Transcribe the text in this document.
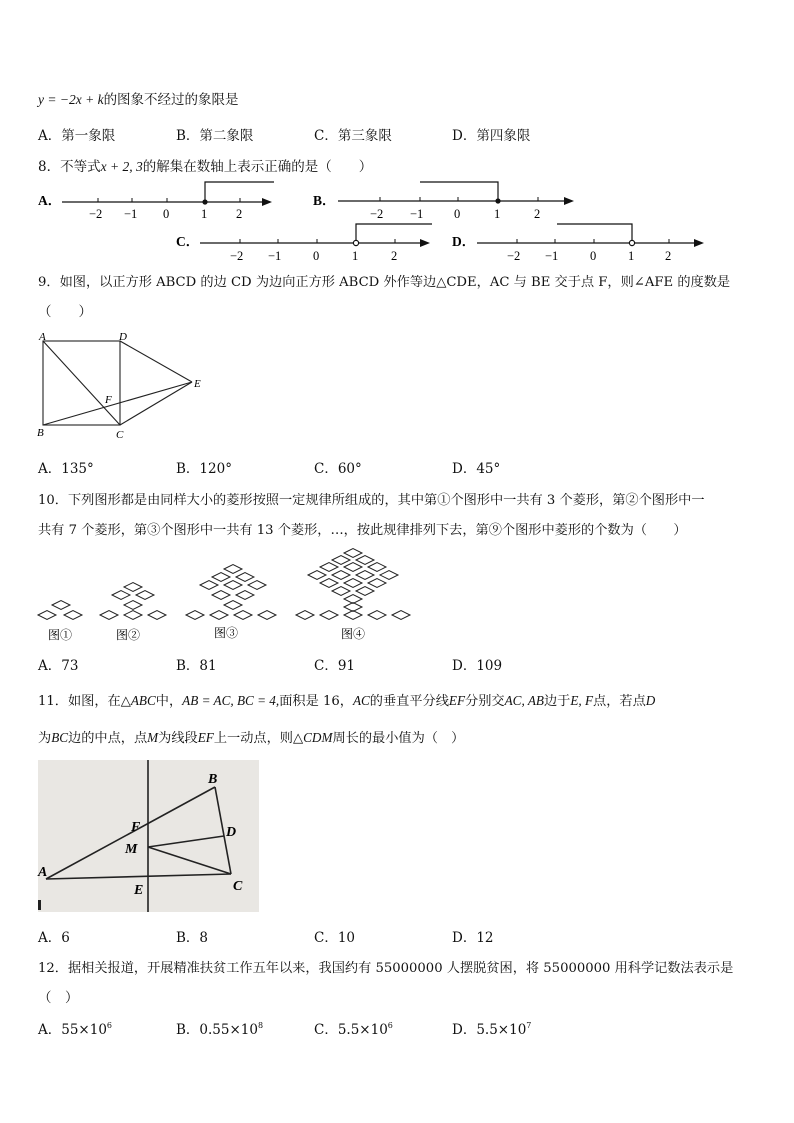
y = −2x + k的图象不经过的象限是
A．第一象限	B．第二象限	C．第三象限	D．第四象限
8．不等式x + 2, 3的解集在数轴上表示正确的是（　　）
A．
−2 −1 0	1 2
B．
−2 −1 0	1	2
C．
−2 −1	0	1	2
D．
−2 −1	0	1 2
9．如图，以正方形 ABCD 的边 CD 为边向正方形 ABCD 外作等边△CDE，AC 与 BE 交于点 F，则∠AFE 的度数是
（　　）
A	D
E
F
B	C
A．135°	B．120°	C．60°	D．45°
10．下列图形都是由同样大小的菱形按照一定规律所组成的，其中第①个图形中一共有 3 个菱形，第②个图形中一
共有 7 个菱形，第③个图形中一共有 13 个菱形，…，按此规律排列下去，第⑨个图形中菱形的个数为（　　）
图①	图②	图③	图④
A．73	B．81	C．91	D．109
11．如图，在△ABC中，AB = AC, BC = 4,面积是 16，AC的垂直平分线EF分别交AC, AB边于E, F点，若点D
为BC边的中点，点M为线段EF上一动点，则△CDM周长的最小值为（　）
B
F	D
M
A
E	C
A．6	B．8	C．10	D．12
12．据相关报道，开展精准扶贫工作五年以来，我国约有 55000000 人摆脱贫困，将 55000000 用科学记数法表示是
（　）
A．$55\times 10^6$	B．$0.55\times 10^8$	C．$5.5\times 10^6$	D．$5.5\times 10^7$
